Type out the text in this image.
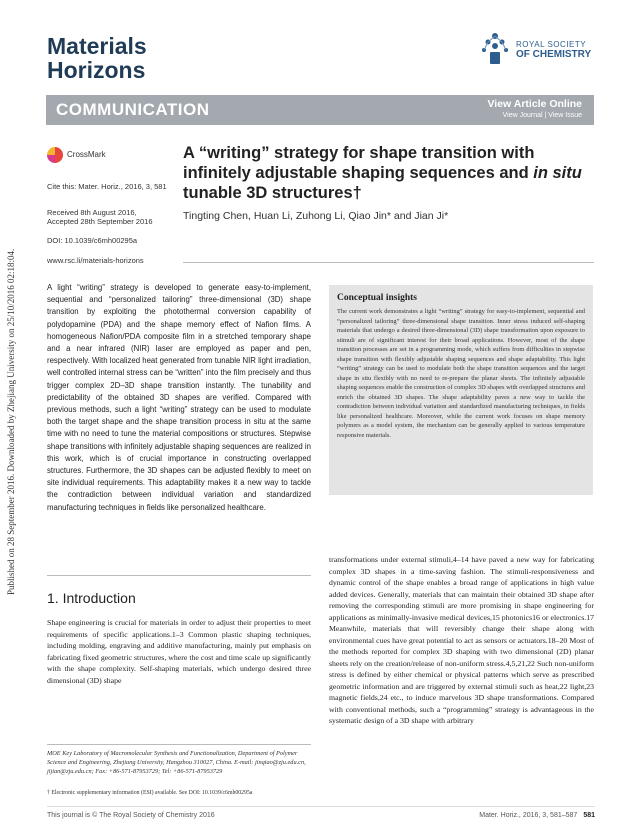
Published on 28 September 2016. Downloaded by Zhejiang University on 25/10/2016 02:18:04.
Materials
Horizons
ROYAL SOCIETY
OF CHEMISTRY
COMMUNICATION	View Article Online
View Journal | View Issue
CrossMark
Cite this: Mater. Horiz., 2016, 3, 581
Received 8th August 2016,
Accepted 28th September 2016
DOI: 10.1039/c6mh00295a
www.rsc.li/materials-horizons
A “writing” strategy for shape transition with infinitely adjustable shaping sequences and in situ tunable 3D structures†
Tingting Chen, Huan Li, Zuhong Li, Qiao Jin* and Jian Ji*
A light “writing” strategy is developed to generate easy-to-implement, sequential and “personalized tailoring” three-dimensional (3D) shape transition by exploiting the photothermal conversion capability of polydopamine (PDA) and the shape memory effect of Nafion films. A homogeneous Nafion/PDA composite film in a stretched temporary shape and a near infrared (NIR) laser are employed as paper and pen, respectively. With localized heat generated from tunable NIR light irradiation, well controlled internal stress can be “written” into the film precisely and thus trigger complex 2D–3D shape transition instantly. The tunability and predictability of the obtained 3D shapes are verified. Compared with previous methods, such a light “writing” strategy can be used to modulate both the target shape and the shape transition process in situ at the same time with no need to tune the material compositions or structures. Stepwise shape transitions with infinitely adjustable shaping sequences are realized in this work, which is of crucial importance in constructing overlapped structures. Furthermore, the 3D shapes can be adjusted flexibly to meet on site individual requirements. This adaptability makes it a new way to tackle the contradiction between individual variation and standardized manufacturing techniques in fields like personalized healthcare.
Conceptual insights
The current work demonstrates a light “writing” strategy for easy-to-implement, sequential and “personalized tailoring” three-dimensional shape transition. Inner stress induced self-shaping materials that undergo a desired three-dimensional (3D) shape transformation upon exposure to stimuli are of significant interest for their broad applications. However, most of the shape transition processes are set in a programming mode, which suffers from difficulties in stepwise shape transition with flexibly adjustable shaping sequences and shape adaptability. This light “writing” strategy can be used to modulate both the shape transition sequences and the target shape in situ flexibly with no need to re-prepare the planar sheets. The infinitely adjustable shaping sequences enable the construction of complex 3D shapes with overlapped structures and enrich the obtained 3D shapes. The shape adaptability paves a new way to tackle the contradiction between individual variation and standardized manufacturing techniques, in fields like personalized healthcare. Moreover, while the current work focuses on shape memory polymers as a model system, the mechanism can be generally applied to various temperature responsive materials.
1. Introduction
Shape engineering is crucial for materials in order to adjust their properties to meet requirements of specific applications.1–3 Common plastic shaping techniques, including molding, engraving and additive manufacturing, mainly put emphasis on fabricating fixed geometric structures, where the cost and time scale up significantly with the shape complexity. Self-shaping materials, which undergo desired three dimensional (3D) shape
transformations under external stimuli,4–14 have paved a new way for fabricating complex 3D shapes in a time-saving fashion. The stimuli-responsiveness and dynamic control of the shape enables a broad range of applications in high value added devices. Generally, materials that can maintain their obtained 3D shape after removing the corresponding stimuli are more promising in shape engineering for applications as minimally-invasive medical devices,15 photonics16 or electronics.17 Meanwhile, materials that will reversibly change their shape along with environmental cues have great potential to act as sensors or actuators.18–20 Most of the methods reported for complex 3D shaping with two dimensional (2D) planar sheets rely on the creation/release of non-uniform stress.4,5,21,22 Such non-uniform stress is defined by either chemical or physical patterns which serve as prescribed geometric information and are triggered by external stimuli such as heat,22 light,23 magnetic fields,24 etc., to induce marvelous 3D shape transformations. Compared with conventional methods, such a “programming” strategy is advantageous in the systematic design of a 3D shape with arbitrary
MOE Key Laboratory of Macromolecular Synthesis and Functionalization, Department of Polymer Science and Engineering, Zhejiang University, Hangzhou 310027, China. E-mail: jinqiao@zju.edu.cn, jijian@zju.edu.cn; Fax: +86-571-87953729; Tel: +86-571-87953729
† Electronic supplementary information (ESI) available. See DOI: 10.1039/c6mh00295a
This journal is © The Royal Society of Chemistry 2016	Mater. Horiz., 2016, 3, 581–587 581
